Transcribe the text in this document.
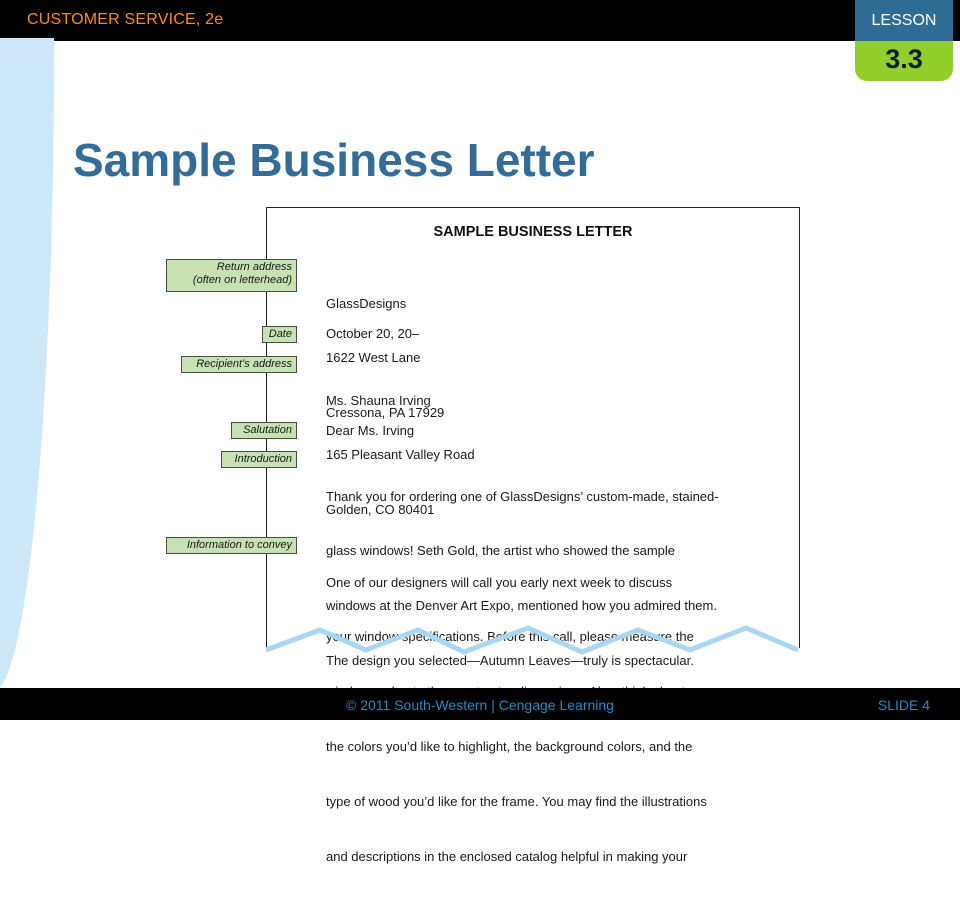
CUSTOMER SERVICE, 2e	LESSON
3.3
Sample Business Letter
SAMPLE BUSINESS LETTER

GlassDesigns

1622 West Lane

Cressona, PA 17929

October 20, 20–

Ms. Shauna Irving

165 Pleasant Valley Road

Golden, CO 80401

Dear Ms. Irving

Thank you for ordering one of GlassDesigns’ custom-made, stained-

glass windows! Seth Gold, the artist who showed the sample

windows at the Denver Art Expo, mentioned how you admired them.

The design you selected—Autumn Leaves—truly is spectacular.

One of our designers will call you early next week to discuss

your window specifications. Before this call, please measure the

the colors you’d like to highlight, the background colors, and the

type of wood you’d like for the frame. You may find the illustrations

and descriptions in the enclosed catalog helpful in making your

Return address
(often on letterhead)
Date
Recipient’s address
Salutation
Introduction
Information to convey
© 2011 South-Western | Cengage Learning	SLIDE 4
